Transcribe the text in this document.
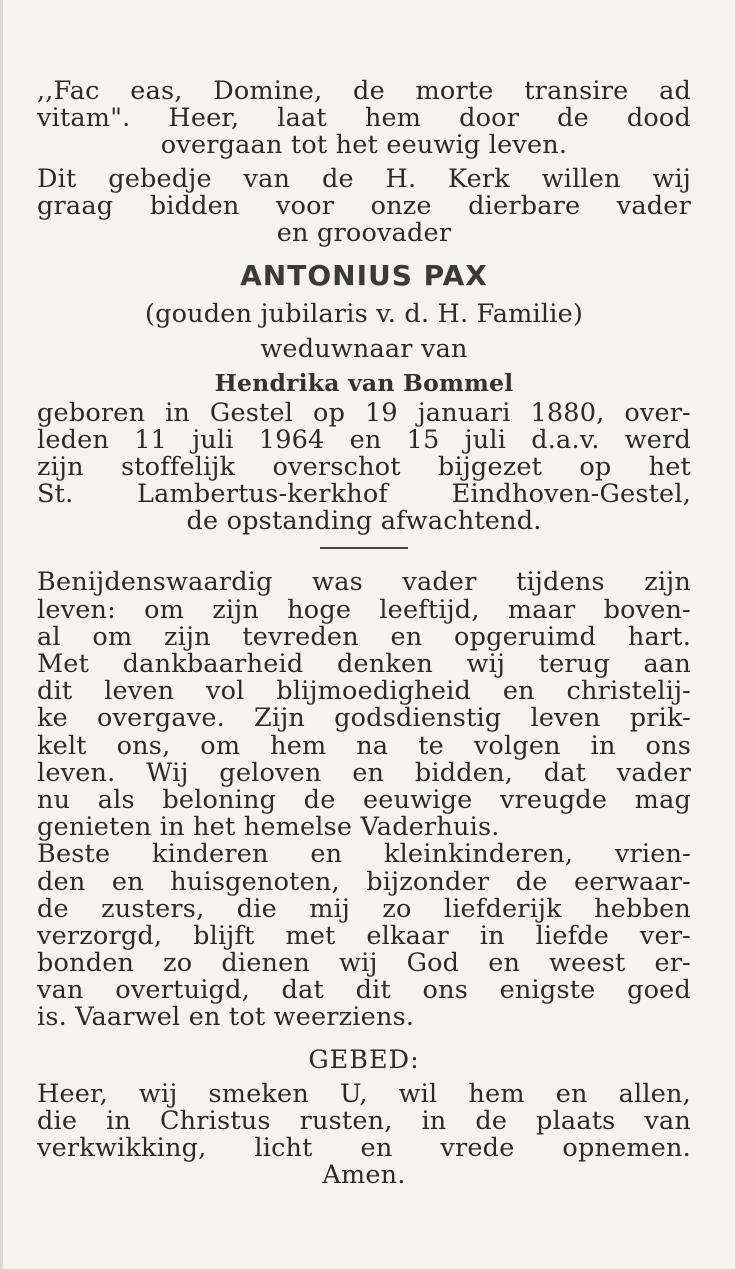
,,Fac eas, Domine, de morte transire ad
vitam". Heer, laat hem door de dood
overgaan tot het eeuwig leven.
Dit gebedje van de H. Kerk willen wij
graag bidden voor onze dierbare vader
en groovader
ANTONIUS PAX
(gouden jubilaris v. d. H. Familie)
weduwnaar van
Hendrika van Bommel
geboren in Gestel op 19 januari 1880, over-
leden 11 juli 1964 en 15 juli d.a.v. werd
zijn stoffelijk overschot bijgezet op het
St. Lambertus-kerkhof Eindhoven-Gestel,
de opstanding afwachtend.
Benijdenswaardig was vader tijdens zijn
leven: om zijn hoge leeftijd, maar boven-
al om zijn tevreden en opgeruimd hart.
Met dankbaarheid denken wij terug aan
dit leven vol blijmoedigheid en christelij-
ke overgave. Zijn godsdienstig leven prik-
kelt ons, om hem na te volgen in ons
leven. Wij geloven en bidden, dat vader
nu als beloning de eeuwige vreugde mag
genieten in het hemelse Vaderhuis.
Beste kinderen en kleinkinderen, vrien-
den en huisgenoten, bijzonder de eerwaar-
de zusters, die mij zo liefderijk hebben
verzorgd, blijft met elkaar in liefde ver-
bonden zo dienen wij God en weest er-
van overtuigd, dat dit ons enigste goed
is. Vaarwel en tot weerziens.
GEBED:
Heer, wij smeken U, wil hem en allen,
die in Christus rusten, in de plaats van
verkwikking, licht en vrede opnemen.
Amen.
